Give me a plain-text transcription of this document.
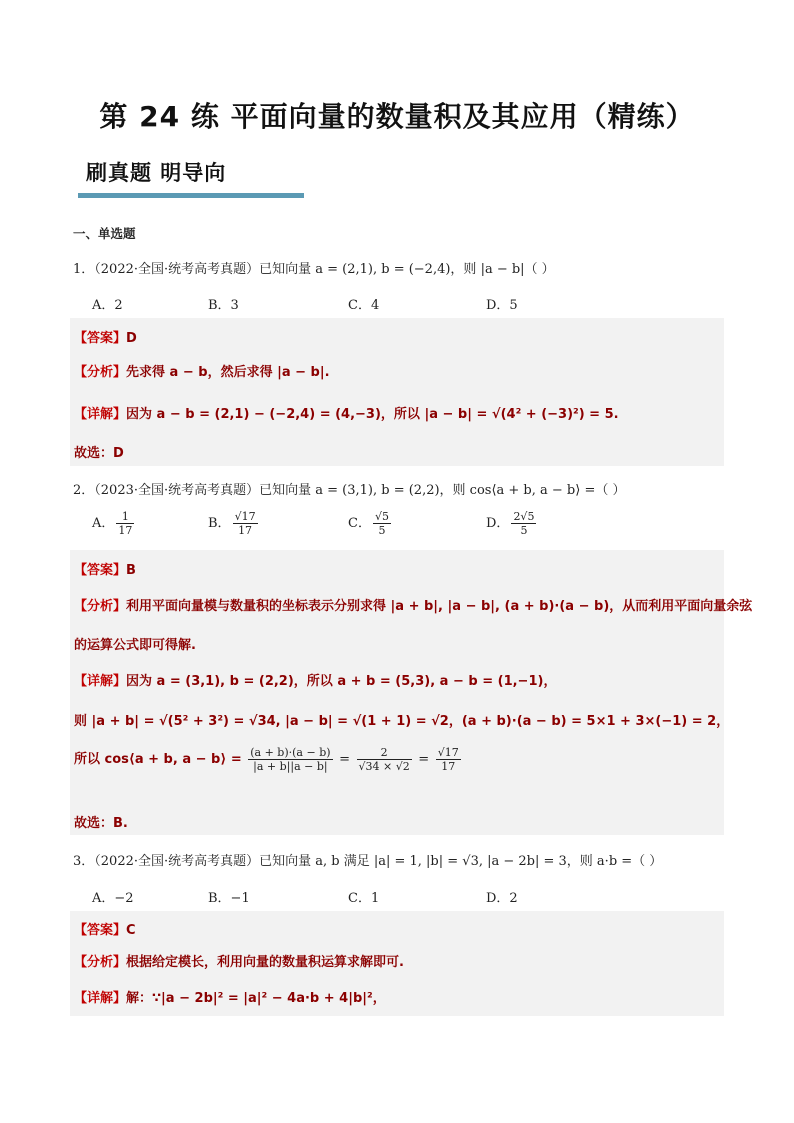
第 24 练 平面向量的数量积及其应用（精练）
刷真题 明导向
一、单选题
1．（2022·全国·统考高考真题）已知向量 a = (2,1), b = (−2,4)，则 |a − b|（ ）
A．2	B．3	C．4	D．5
【答案】D
【分析】先求得 a − b，然后求得 |a − b|.
【详解】因为 a − b = (2,1) − (−2,4) = (4,−3)，所以 |a − b| = √(4² + (−3)²) = 5.
故选：D
2．（2023·全国·统考高考真题）已知向量 a = (3,1), b = (2,2)，则 cos⟨a + b, a − b⟩ =（ ）
A． $\frac{1}{17}$	B． $\frac{√17}{17}$	C． $\frac{√5}{5}$	D． $\frac{2√5}{5}$
【答案】B
【分析】利用平面向量模与数量积的坐标表示分别求得 |a + b|, |a − b|, (a + b)·(a − b)，从而利用平面向量余弦
的运算公式即可得解.
【详解】因为 a = (3,1), b = (2,2)，所以 a + b = (5,3), a − b = (1,−1)，
则 |a + b| = √(5² + 3²) = √34, |a − b| = √(1 + 1) = √2，(a + b)·(a − b) = 5×1 + 3×(−1) = 2，
所以 cos⟨a + b, a − b⟩ = $\frac{(a + b)\cdot(a - b)}{|a + b||a - b|} = \frac{2}{√34 \times √2} = \frac{√17}{17}$
故选：B.
3．（2022·全国·统考高考真题）已知向量 a, b 满足 |a| = 1, |b| = √3, |a − 2b| = 3，则 a·b =（ ）
A．−2	B．−1	C．1	D．2
【答案】C
【分析】根据给定模长，利用向量的数量积运算求解即可.
【详解】解：∵|a − 2b|² = |a|² − 4a·b + 4|b|²，
